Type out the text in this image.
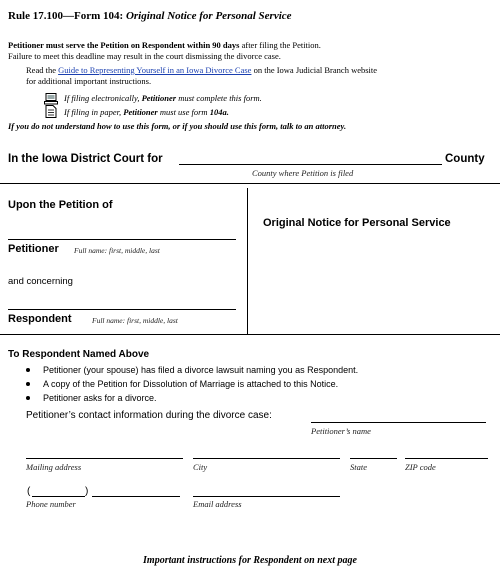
Rule 17.100—Form 104: Original Notice for Personal Service
Petitioner must serve the Petition on Respondent within 90 days after filing the Petition.
Failure to meet this deadline may result in the court dismissing the divorce case.
Read the Guide to Representing Yourself in an Iowa Divorce Case on the Iowa Judicial Branch website
for additional important instructions.
If filing electronically, Petitioner must complete this form.
If filing in paper, Petitioner must use form 104a.
If you do not understand how to use this form, or if you should use this form, talk to an attorney.
In the Iowa District Court for	County
County where Petition is filed
Upon the Petition of
Petitioner Full name: first, middle, last
and concerning
Respondent	Full name: first, middle, last
Original Notice for Personal Service
To Respondent Named Above
Petitioner (your spouse) has filed a divorce lawsuit naming you as Respondent.
A copy of the Petition for Dissolution of Marriage is attached to this Notice.
Petitioner asks for a divorce.
Petitioner’s contact information during the divorce case:
Petitioner’s name
Mailing address	City	State	ZIP code
(	)
Phone number	Email address
Important instructions for Respondent on next page
